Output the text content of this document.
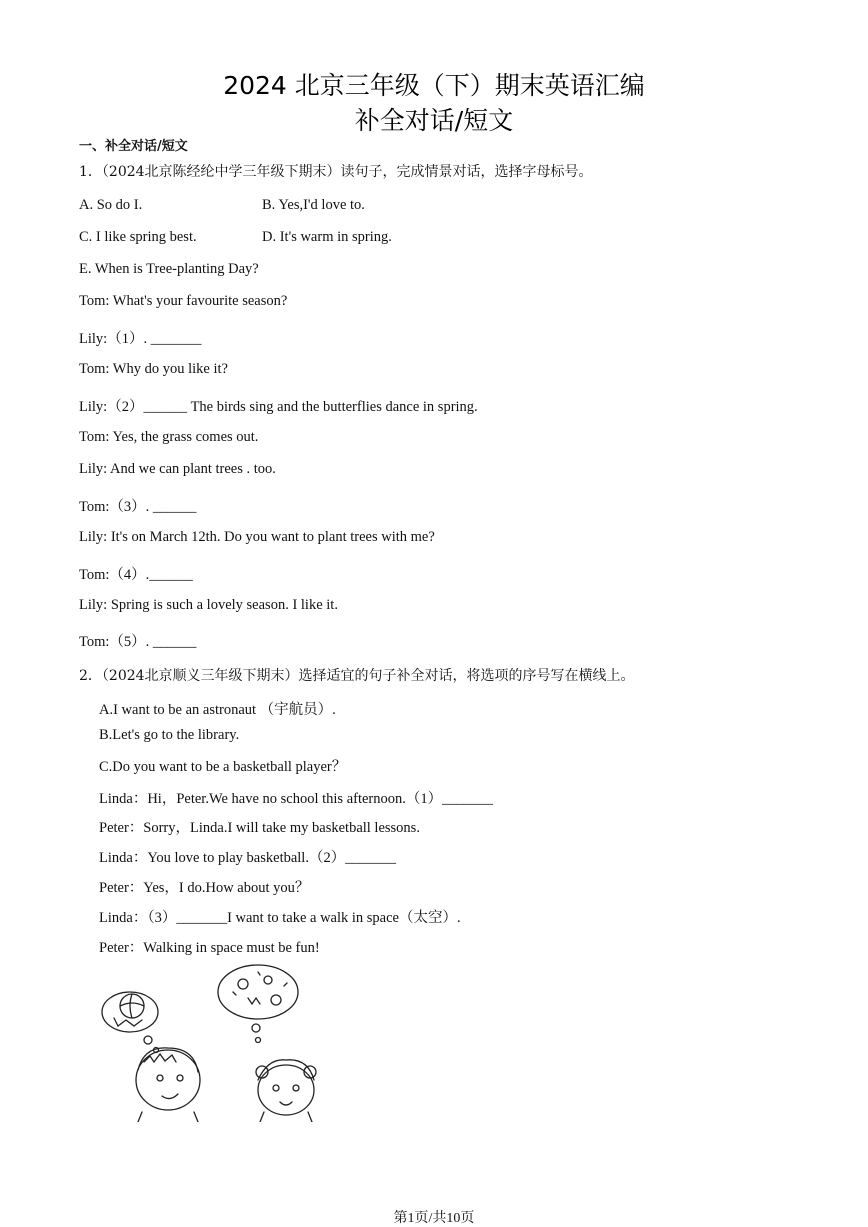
2024 北京三年级（下）期末英语汇编
补全对话/短文
一、补全对话/短文
1．（2024北京陈经纶中学三年级下期末）读句子，完成情景对话，选择字母标号。
A. So do I.	B. Yes,I'd love to.
C. I like spring best.	D. It's warm in spring.
E. When is Tree-planting Day?
Tom: What's your favourite season?
Lily:（1）. _______
Tom: Why do you like it?
Lily:（2）______ The birds sing and the butterflies dance in spring.
Tom: Yes, the grass comes out.
Lily: And we can plant trees . too.
Tom:（3）. ______
Lily: It's on March 12th. Do you want to plant trees with me?
Tom:（4）.______
Lily: Spring is such a lovely season. I like it.
Tom:（5）. ______
2．（2024北京顺义三年级下期末）选择适宜的句子补全对话，将选项的序号写在横线上。
A.I want to be an astronaut （宇航员）.
B.Let's go to the library.
C.Do you want to be a basketball player？
Linda：Hi，Peter.We have no school this afternoon.（1）_______
Peter：Sorry，Linda.I will take my basketball lessons.
Linda：You love to play basketball.（2）_______
Peter：Yes，I do.How about you？
Linda：（3）_______I want to take a walk in space（太空）.
Peter：Walking in space must be fun!
第1页/共10页
